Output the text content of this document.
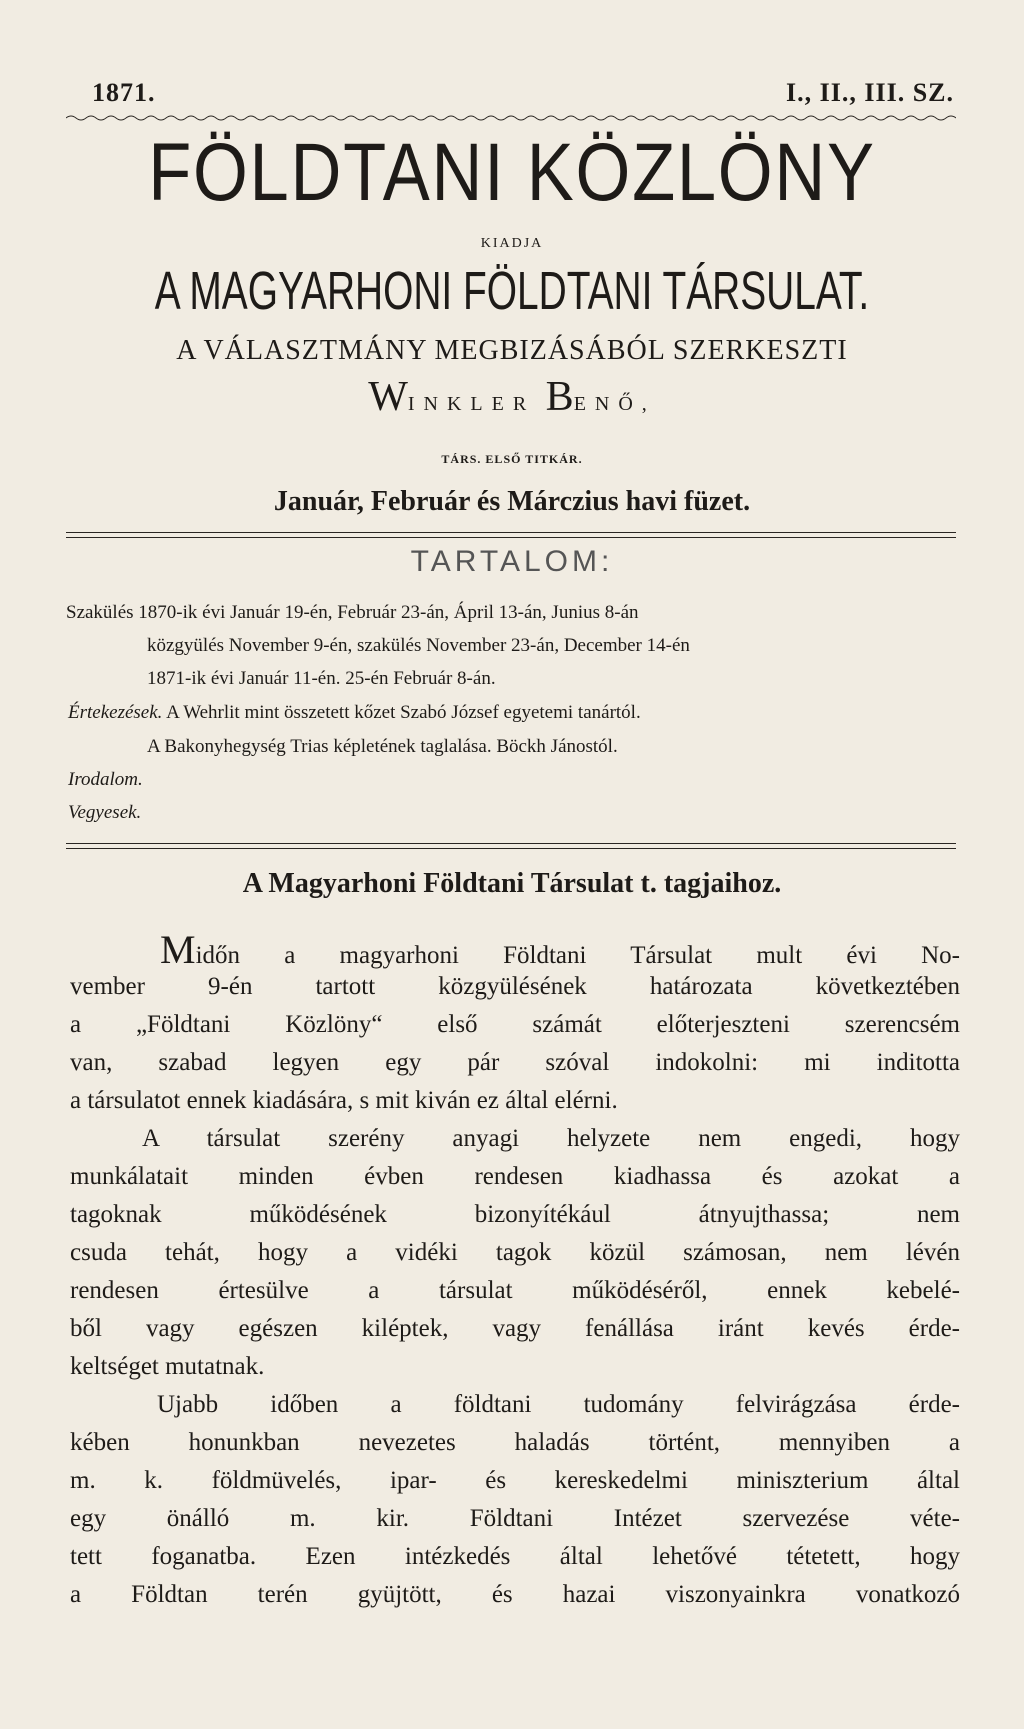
1871.	I., II., III. SZ.
FÖLDTANI KÖZLÖNY
KIADJA
A MAGYARHONI FÖLDTANI TÁRSULAT.
A VÁLASZTMÁNY MEGBIZÁSÁBÓL SZERKESZTI
WINKLER BENŐ,
TÁRS. ELSŐ TITKÁR.
Január, Február és Márczius havi füzet.
TARTALOM:
Szakülés 1870-ik évi Január 19-én, Február 23-án, Ápril 13-án, Junius 8-án
közgyülés November 9-én, szakülés November 23-án, December 14-én
1871-ik évi Január 11-én. 25-én Február 8-án.
Értekezések. A Wehrlit mint összetett kőzet Szabó József egyetemi tanártól.
A Bakonyhegység Trias képletének taglalása. Böckh Jánostól.
Irodalom.
Vegyesek.
A Magyarhoni Földtani Társulat t. tagjaihoz.
Midőn a magyarhoni Földtani Társulat mult évi No-
vember 9-én tartott közgyülésének határozata következtében
a „Földtani Közlöny“ első számát előterjeszteni szerencsém
van, szabad legyen egy pár szóval indokolni: mi inditotta
a társulatot ennek kiadására, s mit kiván ez által elérni.
A társulat szerény anyagi helyzete nem engedi, hogy
munkálatait minden évben rendesen kiadhassa és azokat a
tagoknak működésének bizonyítékául átnyujthassa; nem
csuda tehát, hogy a vidéki tagok közül számosan, nem lévén
rendesen értesülve a társulat működéséről, ennek kebelé-
ből vagy egészen kiléptek, vagy fenállása iránt kevés érde-
keltséget mutatnak.
Ujabb időben a földtani tudomány felvirágzása érde-
kében honunkban nevezetes haladás történt, mennyiben a
m. k. földmüvelés, ipar- és kereskedelmi miniszterium által
egy önálló m. kir. Földtani Intézet szervezése véte-
tett foganatba. Ezen intézkedés által lehetővé tétetett, hogy
a Földtan terén gyüjtött, és hazai viszonyainkra vonatkozó
